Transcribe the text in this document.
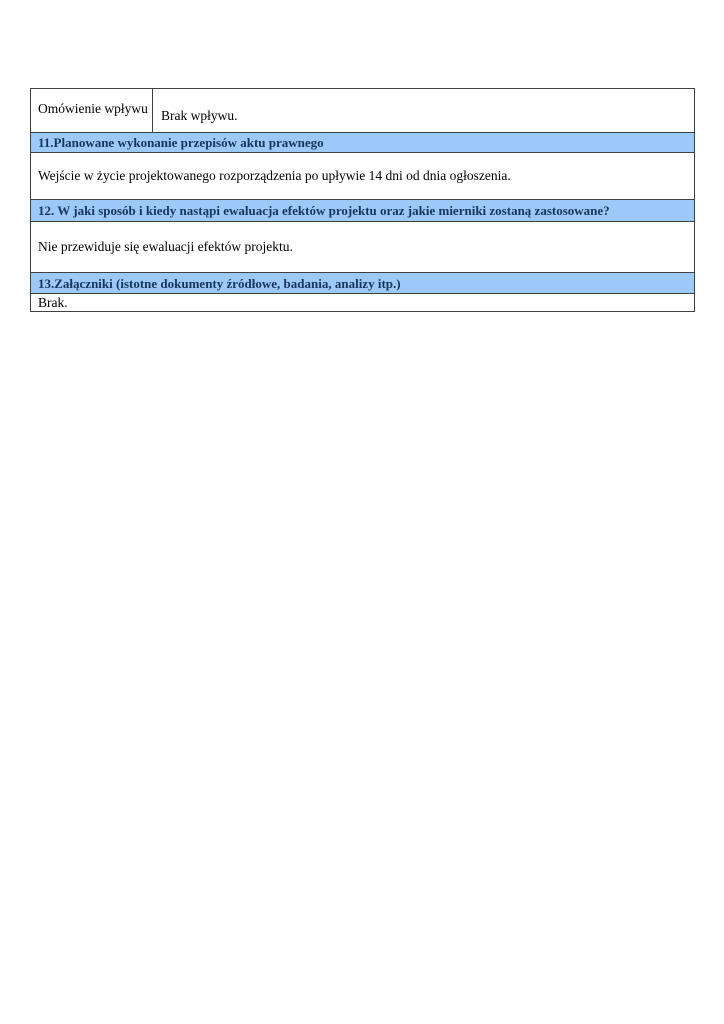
Omówienie wpływu Brak wpływu.
11.Planowane wykonanie przepisów aktu prawnego
Wejście w życie projektowanego rozporządzenia po upływie 14 dni od dnia ogłoszenia.
12. W jaki sposób i kiedy nastąpi ewaluacja efektów projektu oraz jakie mierniki zostaną zastosowane?
Nie przewiduje się ewaluacji efektów projektu.
13.Załączniki (istotne dokumenty źródłowe, badania, analizy itp.)
Brak.
